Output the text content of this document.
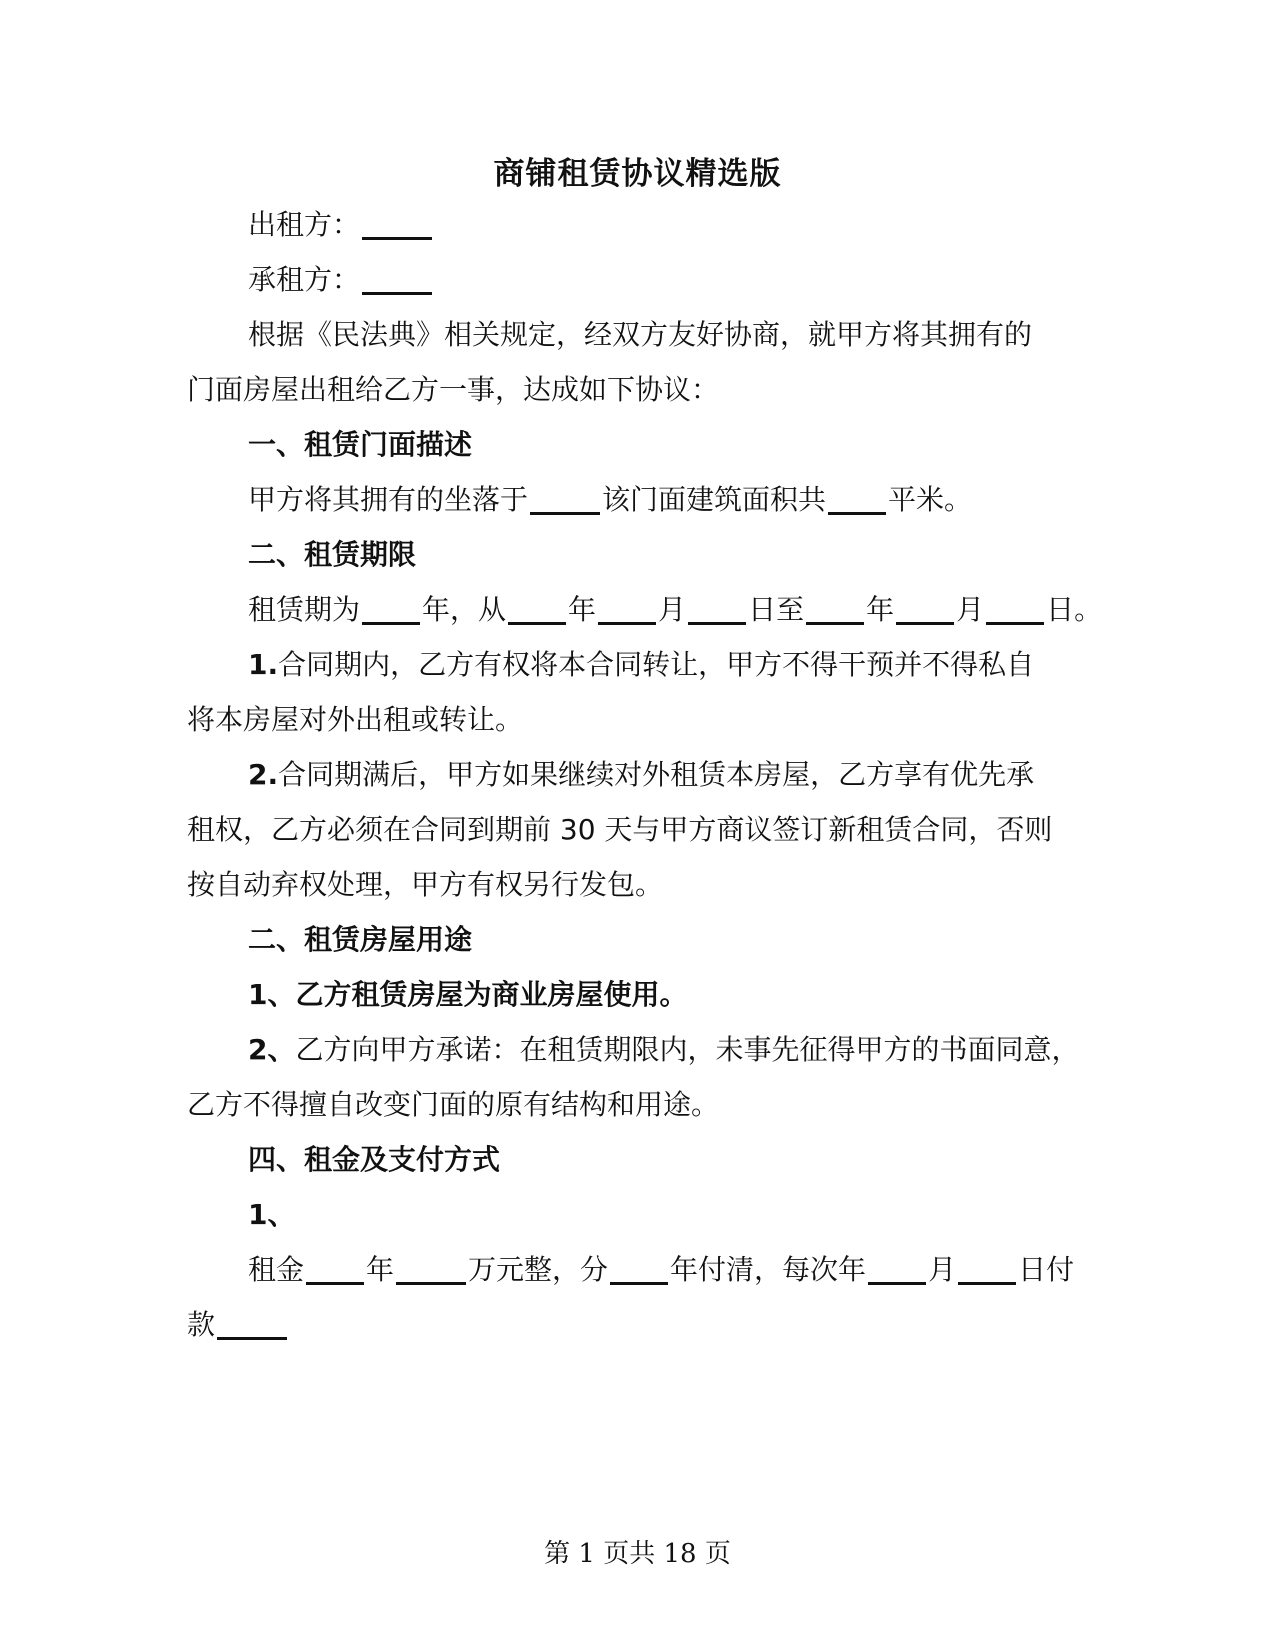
商铺租赁协议精选版
出租方：
承租方：
根据《民法典》相关规定，经双方友好协商，就甲方将其拥有的
门面房屋出租给乙方一事，达成如下协议：
一、租赁门面描述
甲方将其拥有的坐落于	该门面建筑面积共 平米。
二、租赁期限
租赁期为 年，从 年 月 日至 年 月 日。
1.合同期内，乙方有权将本合同转让，甲方不得干预并不得私自
将本房屋对外出租或转让。
2.合同期满后，甲方如果继续对外租赁本房屋，乙方享有优先承
租权，乙方必须在合同到期前 30 天与甲方商议签订新租赁合同，否则
按自动弃权处理，甲方有权另行发包。
二、租赁房屋用途
1、乙方租赁房屋为商业房屋使用。
2、乙方向甲方承诺：在租赁期限内，未事先征得甲方的书面同意，
乙方不得擅自改变门面的原有结构和用途。
四、租金及支付方式
1、
租金 年	万元整，分 年付清，每次年 月 日付
款
第 1 页共 18 页
